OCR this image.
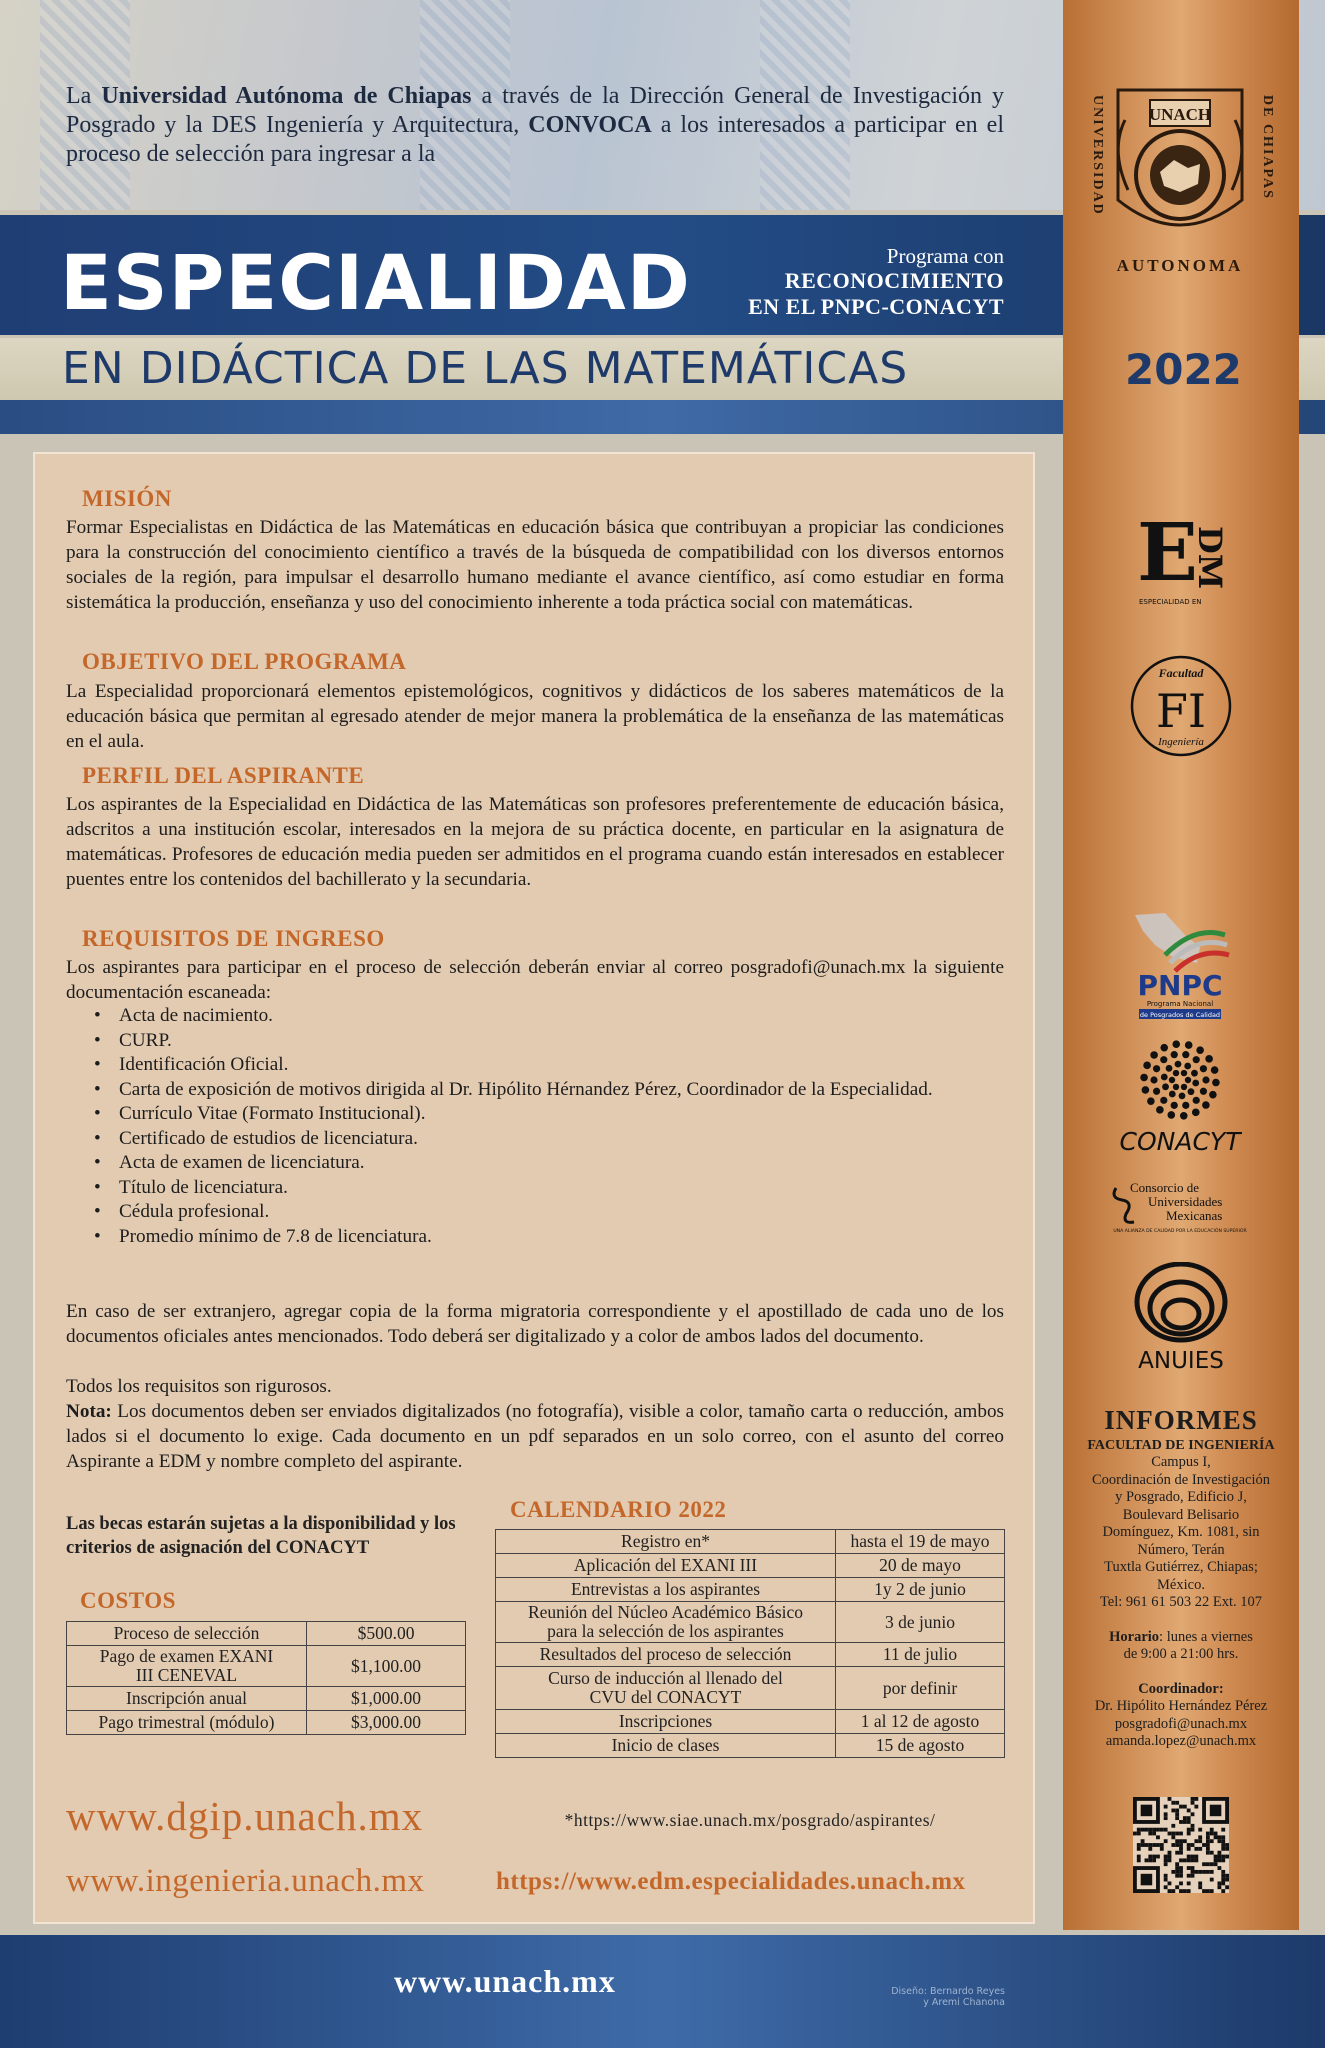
La Universidad Autónoma de Chiapas a través de la Dirección General de Investigación y Posgrado y la DES Ingeniería y Arquitectura, CONVOCA a los interesados a participar en el proceso de selección para ingresar a la

ESPECIALIDAD	Programa con
RECONOCIMIENTO
EN EL PNPC-CONACYT
EN DIDÁCTICA DE LAS MATEMÁTICAS	2022
UNIVERSIDAD	DE CHIAPAS
UNACH
AUTONOMA
E
DM
ESPECIALIDAD EN
Facultad
FI
Ingeniería
PNPC
Programa Nacional
de Posgrados de Calidad
CONACYT
Consorcio de
Universidades
Mexicanas
UNA ALIANZA DE CALIDAD POR LA EDUCACIÓN SUPERIOR
ANUIES
INFORMES
FACULTAD DE INGENIERÍA
Campus I,
Coordinación de Investigación
y Posgrado, Edificio J,
Boulevard Belisario
Domínguez, Km. 1081, sin
Número, Terán
Tuxtla Gutiérrez, Chiapas;
México.
Tel: 961 61 503 22 Ext. 107
Horario: lunes a viernes
de 9:00 a 21:00 hrs.
Coordinador:
Dr. Hipólito Hernández Pérez
posgradofi@unach.mx
amanda.lopez@unach.mx
MISIÓN

Formar Especialistas en Didáctica de las Matemáticas en educación básica que contribuyan a propiciar las condiciones para la construcción del conocimiento científico a través de la búsqueda de compatibilidad con los diversos entornos sociales de la región, para impulsar el desarrollo humano mediante el avance científico, así como estudiar en forma sistemática la producción, enseñanza y uso del conocimiento inherente a toda práctica social con matemáticas.

OBJETIVO DEL PROGRAMA

La Especialidad proporcionará elementos epistemológicos, cognitivos y didácticos de los saberes matemáticos de la educación básica que permitan al egresado atender de mejor manera la problemática de la enseñanza de las matemáticas en el aula.

PERFIL DEL ASPIRANTE

Los aspirantes de la Especialidad en Didáctica de las Matemáticas son profesores preferentemente de educación básica, adscritos a una institución escolar, interesados en la mejora de su práctica docente, en particular en la asignatura de matemáticas. Profesores de educación media pueden ser admitidos en el programa cuando están interesados en establecer puentes entre los contenidos del bachillerato y la secundaria.

REQUISITOS DE INGRESO

Los aspirantes para participar en el proceso de selección deberán enviar al correo posgradofi@unach.mx la siguiente documentación escaneada:

• Acta de nacimiento.
• CURP.
• Identificación Oficial.
• Carta de exposición de motivos dirigida al Dr. Hipólito Hérnandez Pérez, Coordinador de la Especialidad.
• Currículo Vitae (Formato Institucional).
• Certificado de estudios de licenciatura.
• Acta de examen de licenciatura.
• Título de licenciatura.
• Cédula profesional.
• Promedio mínimo de 7.8 de licenciatura.

En caso de ser extranjero, agregar copia de la forma migratoria correspondiente y el apostillado de cada uno de los documentos oficiales antes mencionados. Todo deberá ser digitalizado y a color de ambos lados del documento.

Todos los requisitos son rigurosos.

Nota: Los documentos deben ser enviados digitalizados (no fotografía), visible a color, tamaño carta o reducción, ambos lados si el documento lo exige. Cada documento en un pdf separados en un solo correo, con el asunto del correo Aspirante a EDM y nombre completo del aspirante.

Las becas estarán sujetas a la disponibilidad y los criterios de asignación del CONACYT
COSTOS
Proceso de selección	$500.00
Pago de examen EXANI III CENEVAL	$1,100.00
Inscripción anual	$1,000.00
Pago trimestral (módulo)	$3,000.00
CALENDARIO 2022
Registro en*	hasta el 19 de mayo
Aplicación del EXANI III	20 de mayo
Entrevistas a los aspirantes	1y 2 de junio
Reunión del Núcleo Académico Básico para la selección de los aspirantes	3 de junio
Resultados del proceso de selección	11 de julio
Curso de inducción al llenado del CVU del CONACYT	por definir
Inscripciones	1 al 12 de agosto
Inicio de clases	15 de agosto
*https://www.siae.unach.mx/posgrado/aspirantes/
www.dgip.unach.mx
www.ingenieria.unach.mx	https://www.edm.especialidades.unach.mx
www.unach.mx	Diseño: Bernardo Reyes
y Aremi Chanona
